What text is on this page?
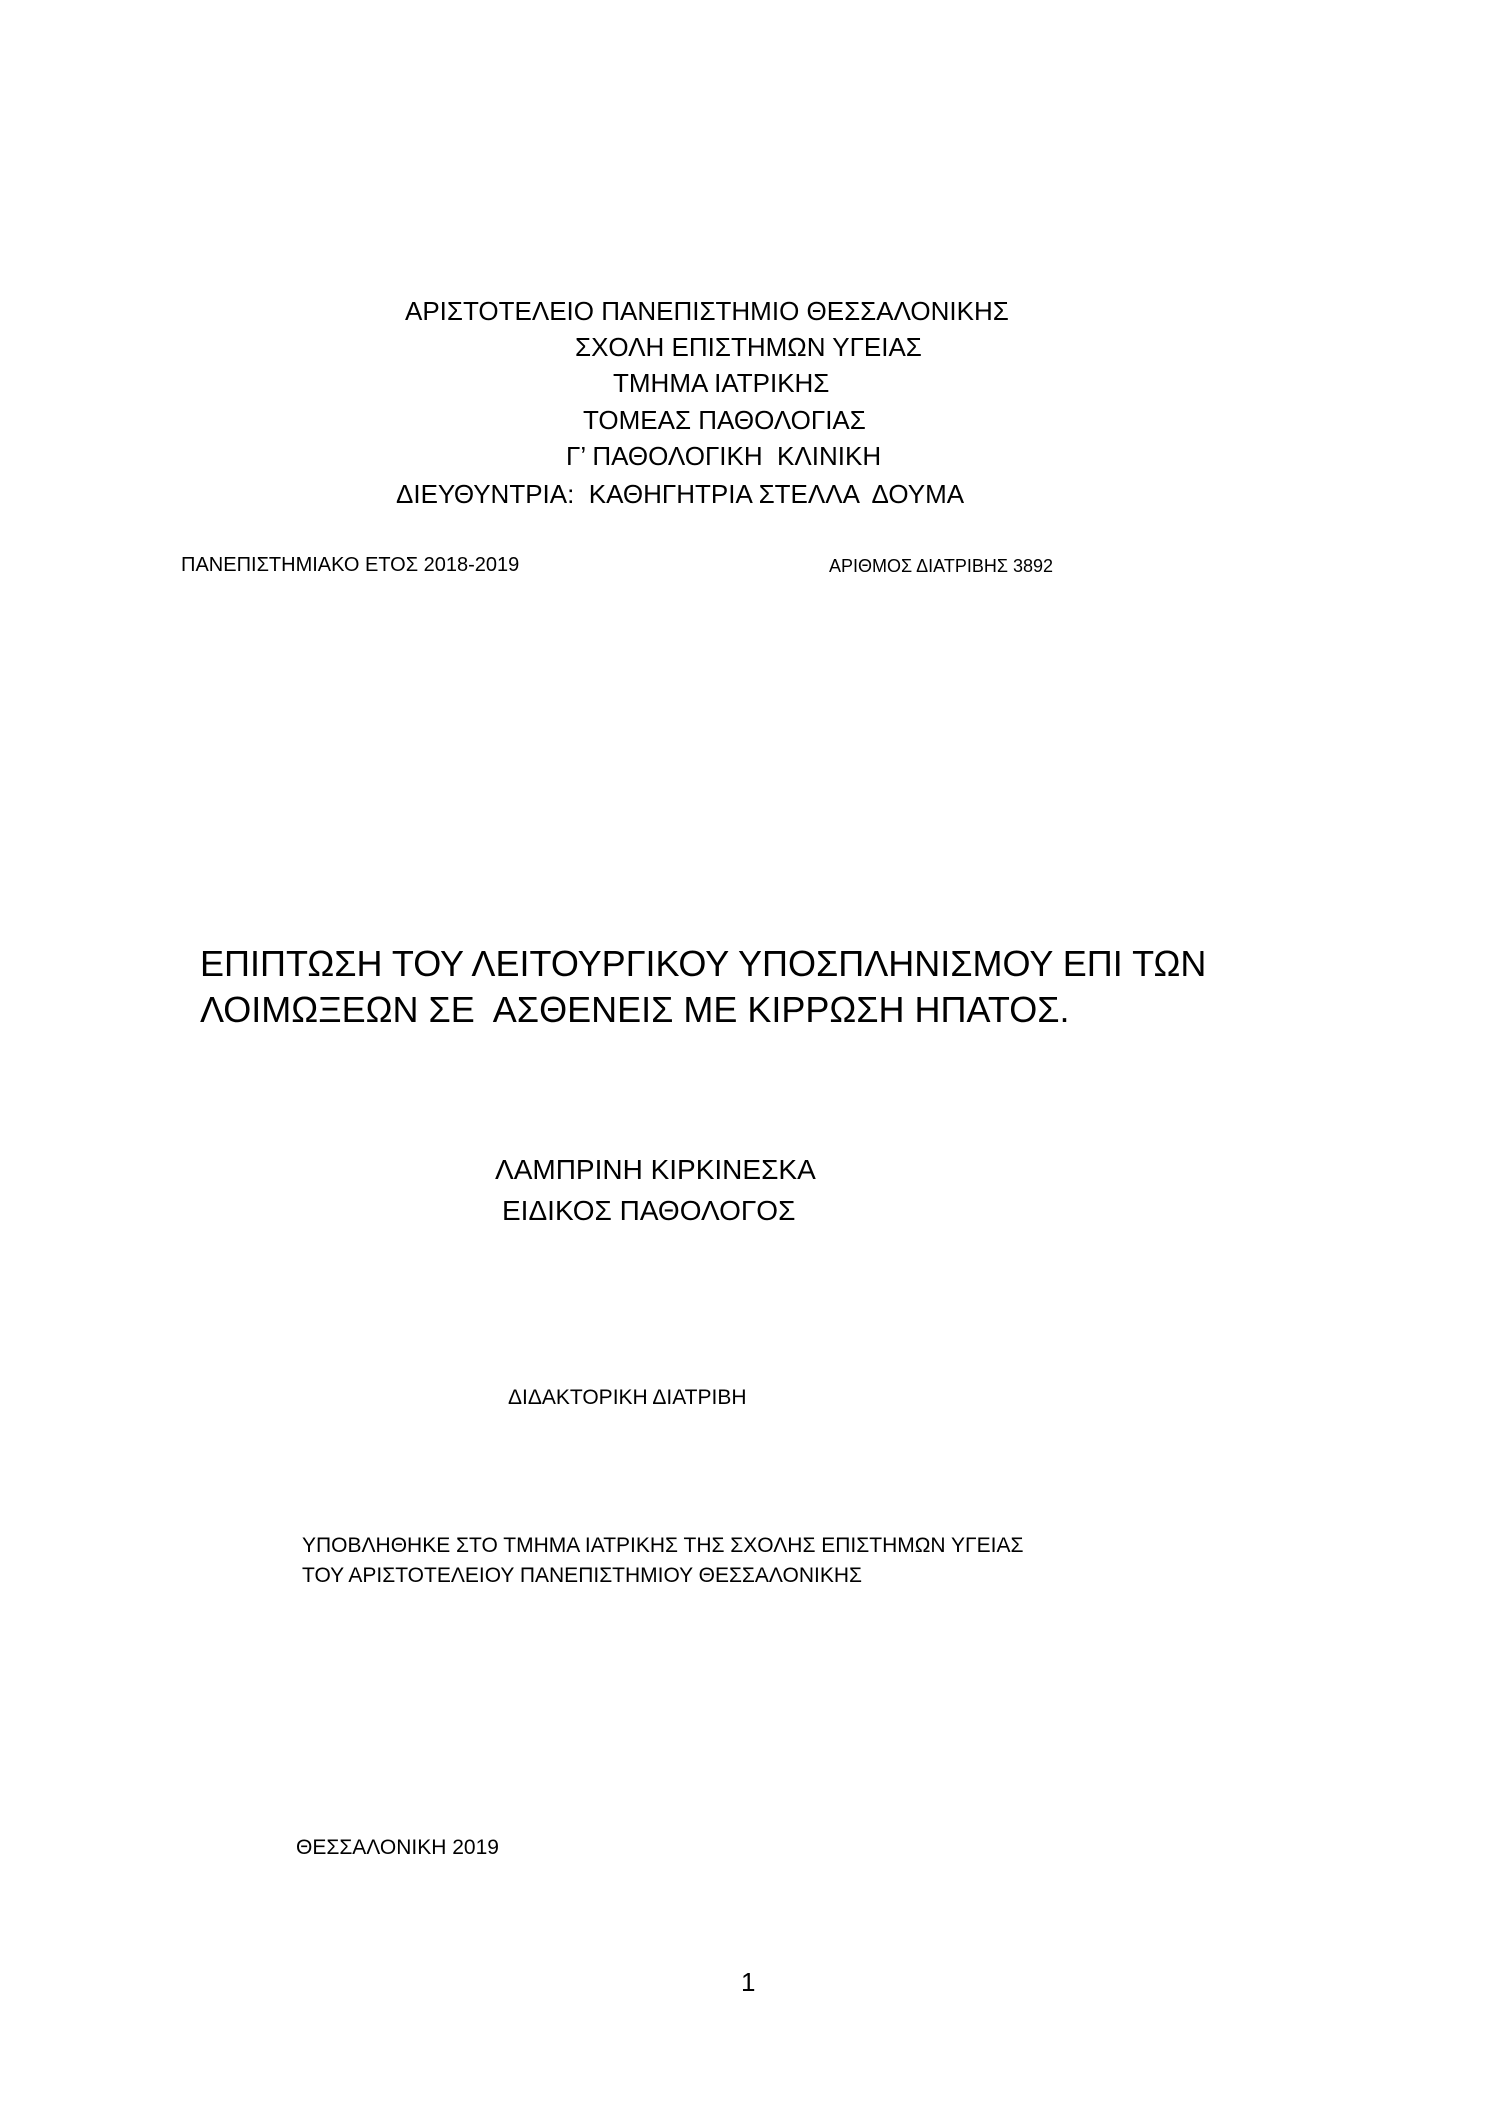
ΑΡΙΣΤΟΤΕΛΕΙΟ ΠΑΝΕΠΙΣΤΗΜΙΟ ΘΕΣΣΑΛΟΝΙΚΗΣ
ΣΧΟΛΗ ΕΠΙΣΤΗΜΩΝ ΥΓΕΙΑΣ
ΤΜΗΜΑ ΙΑΤΡΙΚΗΣ
ΤΟΜΕΑΣ ΠΑΘΟΛΟΓΙΑΣ
Γ’ ΠΑΘΟΛΟΓΙΚΗ  ΚΛΙΝΙΚΗ
ΔΙΕΥΘΥΝΤΡΙΑ:  ΚΑΘΗΓΗΤΡΙΑ ΣΤΕΛΛΑ  ΔΟΥΜΑ
ΠΑΝΕΠΙΣΤΗΜΙΑΚΟ ΕΤΟΣ 2018-2019	ΑΡΙΘΜΟΣ ΔΙΑΤΡΙΒΗΣ 3892
ΕΠΙΠΤΩΣΗ ΤΟΥ ΛΕΙΤΟΥΡΓΙΚΟΥ ΥΠΟΣΠΛΗΝΙΣΜΟΥ ΕΠΙ ΤΩΝ
ΛΟΙΜΩΞΕΩΝ ΣΕ  ΑΣΘΕΝΕΙΣ ΜΕ ΚΙΡΡΩΣΗ ΗΠΑΤΟΣ.
ΛΑΜΠΡΙΝΗ ΚΙΡΚΙΝΕΣΚΑ
ΕΙΔΙΚΟΣ ΠΑΘΟΛΟΓΟΣ
ΔΙΔΑΚΤΟΡΙΚΗ ΔΙΑΤΡΙΒΗ
ΥΠΟΒΛΗΘΗΚΕ ΣΤΟ ΤΜΗΜΑ ΙΑΤΡΙΚΗΣ ΤΗΣ ΣΧΟΛΗΣ ΕΠΙΣΤΗΜΩΝ ΥΓΕΙΑΣ
ΤΟΥ ΑΡΙΣΤΟΤΕΛΕΙΟΥ ΠΑΝΕΠΙΣΤΗΜΙΟΥ ΘΕΣΣΑΛΟΝΙΚΗΣ
ΘΕΣΣΑΛΟΝΙΚΗ 2019
1
